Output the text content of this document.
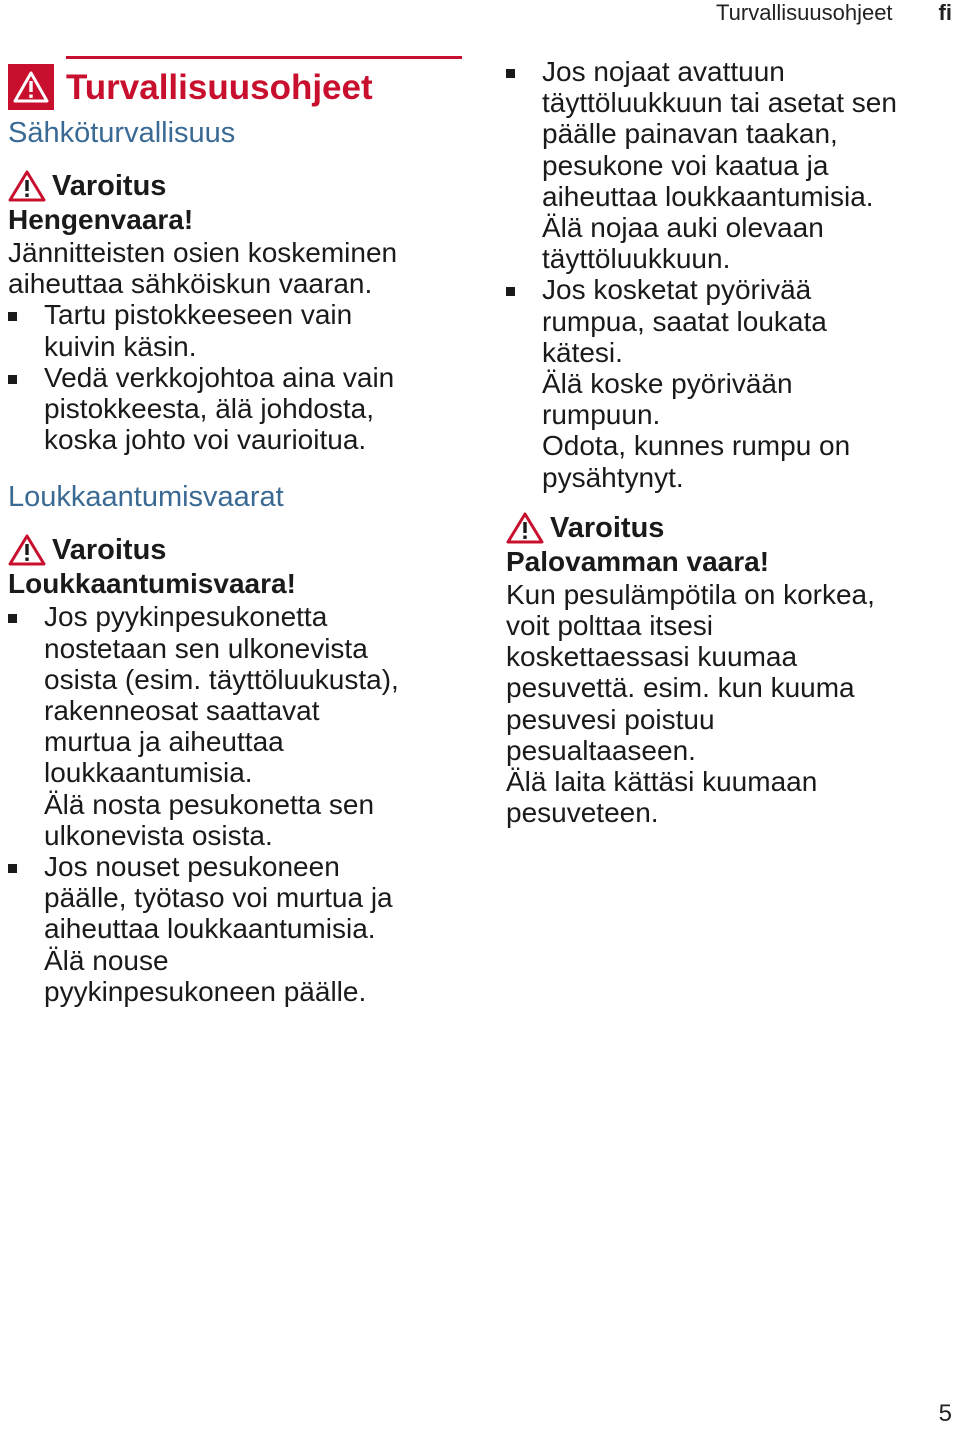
Turvallisuusohjeet fi
Turvallisuusohjeet
Sähköturvallisuus
Varoitus
Hengenvaara!
Jännitteisten osien koskeminen
aiheuttaa sähköiskun vaaran.
Tartu pistokkeeseen vain
kuivin käsin.
Vedä verkkojohtoa aina vain
pistokkeesta, älä johdosta,
koska johto voi vaurioitua.
Loukkaantumisvaarat
Varoitus
Loukkaantumisvaara!
Jos pyykinpesukonetta
nostetaan sen ulkonevista
osista (esim. täyttöluukusta),
rakenneosat saattavat
murtua ja aiheuttaa
loukkaantumisia.
Älä nosta pesukonetta sen
ulkonevista osista.
Jos nouset pesukoneen
päälle, työtaso voi murtua ja
aiheuttaa loukkaantumisia.
Älä nouse
pyykinpesukoneen päälle.
Jos nojaat avattuun
täyttöluukkuun tai asetat sen
päälle painavan taakan,
pesukone voi kaatua ja
aiheuttaa loukkaantumisia.
Älä nojaa auki olevaan
täyttöluukkuun.
Jos kosketat pyörivää
rumpua, saatat loukata
kätesi.
Älä koske pyörivään
rumpuun.
Odota, kunnes rumpu on
pysähtynyt.
Varoitus
Palovamman vaara!
Kun pesulämpötila on korkea,
voit polttaa itsesi
koskettaessasi kuumaa
pesuvettä. esim. kun kuuma
pesuvesi poistuu
pesualtaaseen.
Älä laita kättäsi kuumaan
pesuveteen.
5
